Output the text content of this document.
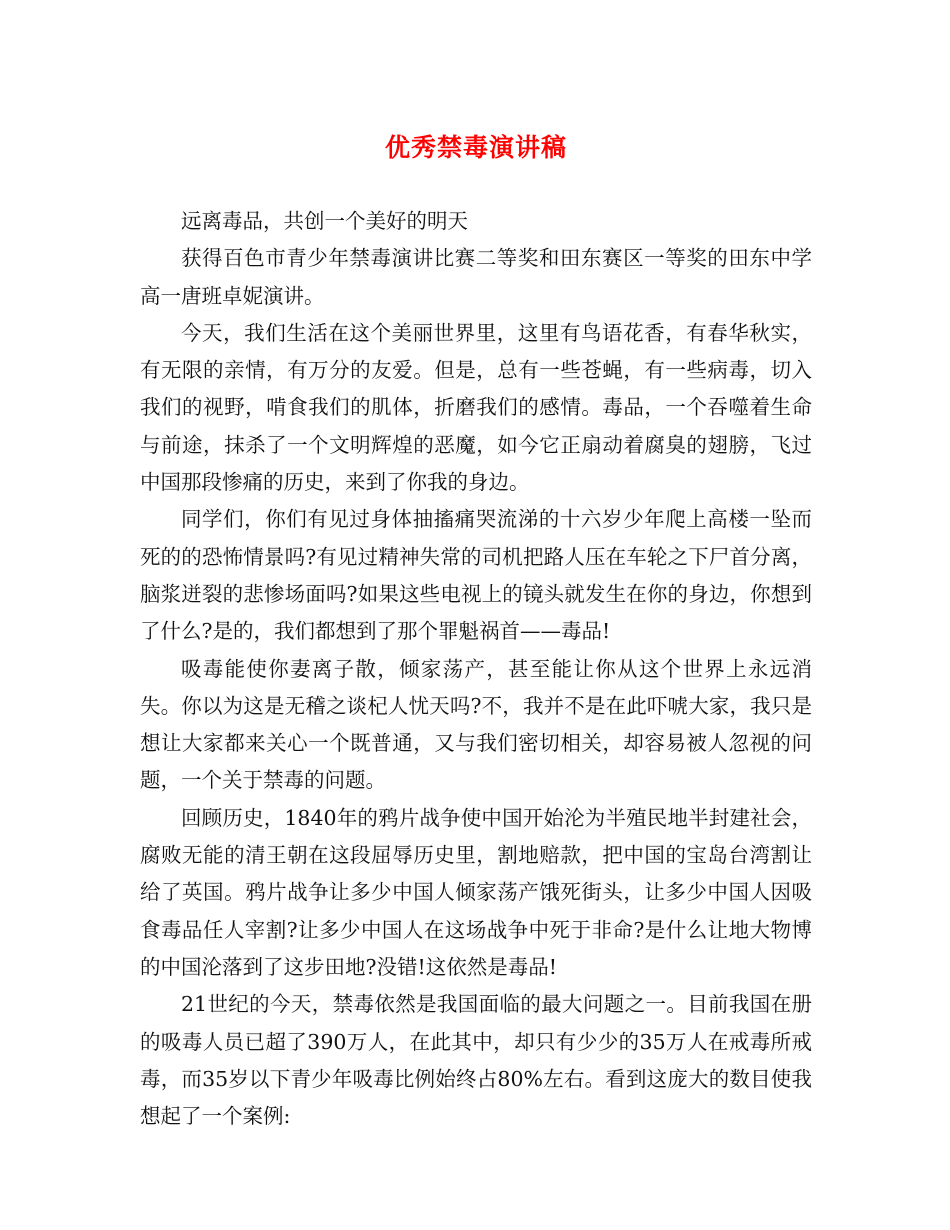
优秀禁毒演讲稿

远离毒品，共创一个美好的明天

获得百色市青少年禁毒演讲比赛二等奖和田东赛区一等奖的田东中学高一唐班卓妮演讲。

今天，我们生活在这个美丽世界里，这里有鸟语花香，有春华秋实，有无限的亲情，有万分的友爱。但是，总有一些苍蝇，有一些病毒，切入我们的视野，啃食我们的肌体，折磨我们的感情。毒品，一个吞噬着生命与前途，抹杀了一个文明辉煌的恶魔，如今它正扇动着腐臭的翅膀，飞过中国那段惨痛的历史，来到了你我的身边。

同学们，你们有见过身体抽搐痛哭流涕的十六岁少年爬上高楼一坠而死的的恐怖情景吗?有见过精神失常的司机把路人压在车轮之下尸首分离，脑浆迸裂的悲惨场面吗?如果这些电视上的镜头就发生在你的身边，你想到了什么?是的，我们都想到了那个罪魁祸首——毒品!

吸毒能使你妻离子散，倾家荡产，甚至能让你从这个世界上永远消失。你以为这是无稽之谈杞人忧天吗?不，我并不是在此吓唬大家，我只是想让大家都来关心一个既普通，又与我们密切相关，却容易被人忽视的问题，一个关于禁毒的问题。

回顾历史，1840年的鸦片战争使中国开始沦为半殖民地半封建社会，腐败无能的清王朝在这段屈辱历史里，割地赔款，把中国的宝岛台湾割让给了英国。鸦片战争让多少中国人倾家荡产饿死街头，让多少中国人因吸食毒品任人宰割?让多少中国人在这场战争中死于非命?是什么让地大物博的中国沦落到了这步田地?没错!这依然是毒品!

21世纪的今天，禁毒依然是我国面临的最大问题之一。目前我国在册的吸毒人员已超了390万人，在此其中，却只有少少的35万人在戒毒所戒毒，而35岁以下青少年吸毒比例始终占80%左右。看到这庞大的数目使我想起了一个案例:
